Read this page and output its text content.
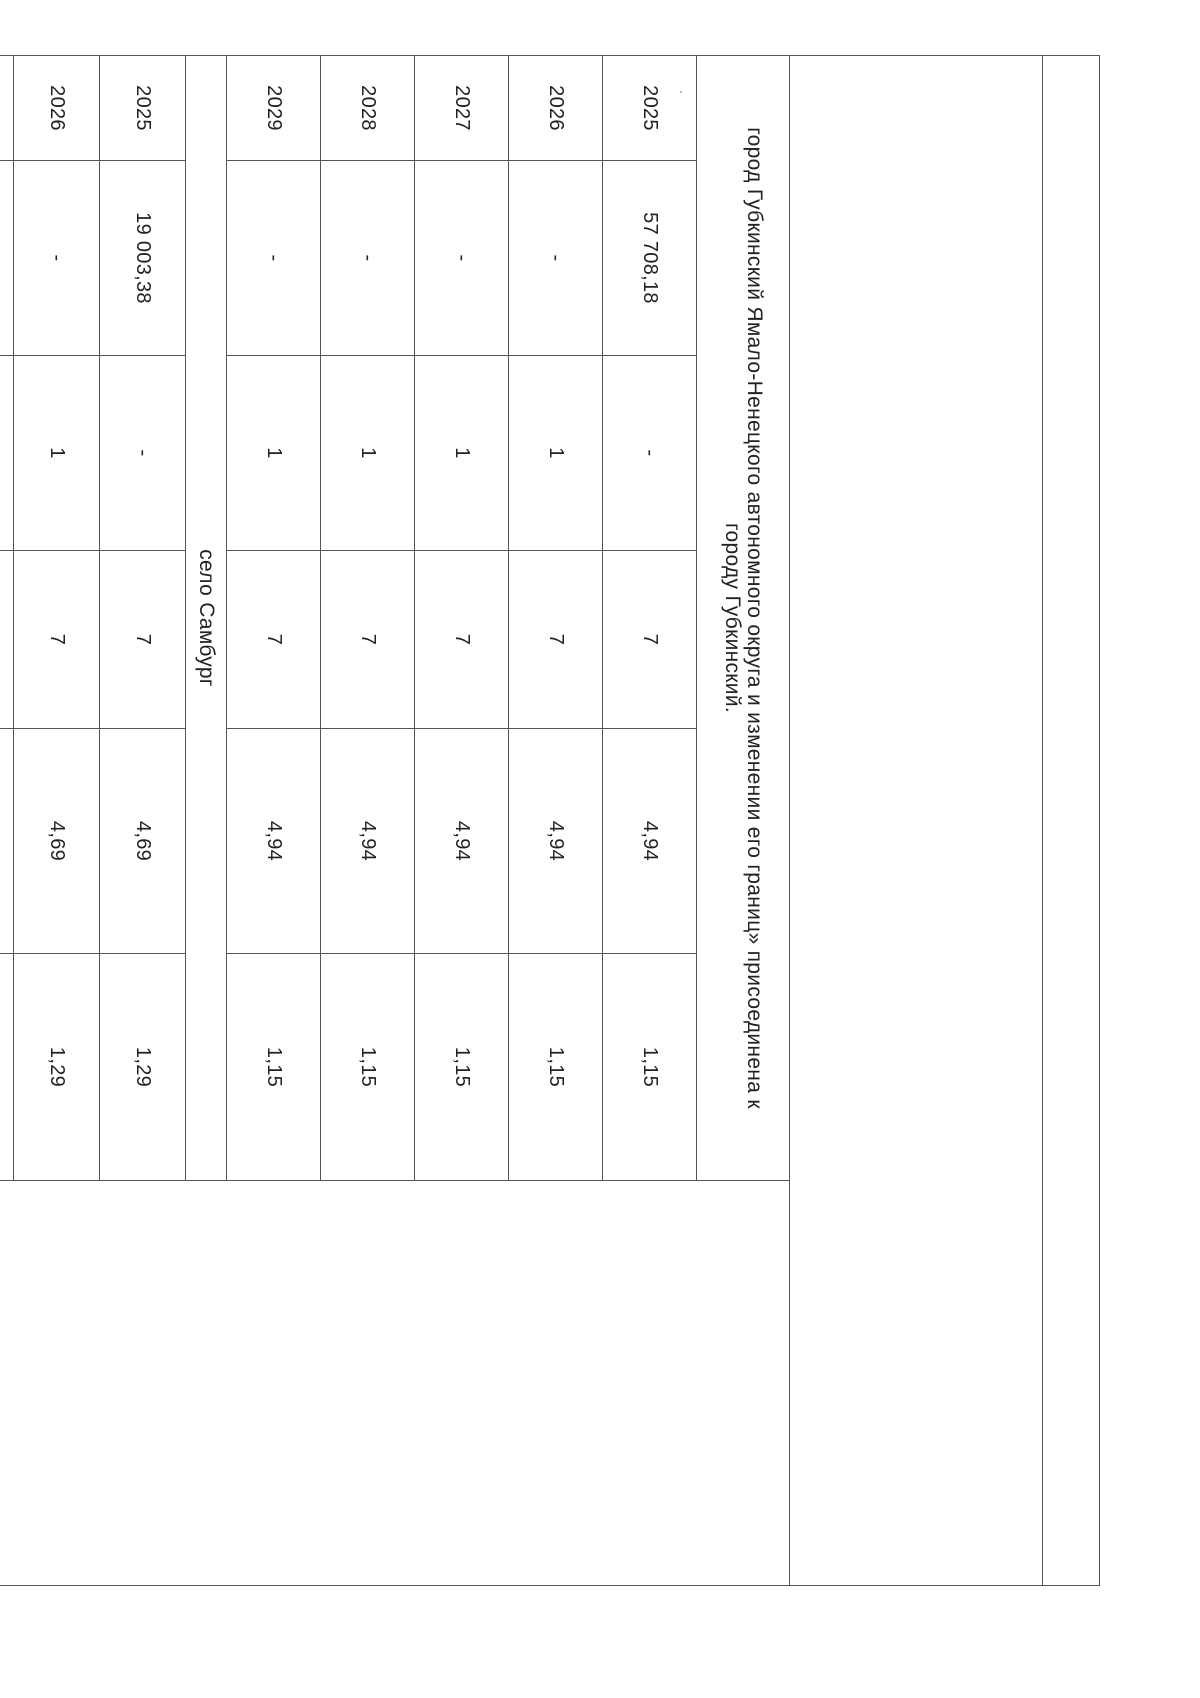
город Губкинский Ямало-Ненецкого автономного округа и изменении его границ» присоединена к городу Губкинский.						
2025	57 708,18	-	7	4,94	1,15	
2026	-	1	7	4,94	1,15	
2027	-	1	7	4,94	1,15	
2028	-	1	7	4,94	1,15	
2029	-	1	7	4,94	1,15	
село Самбург						
2025	19 003,38	-	7	4,69	1,29	
2026	-	1	7	4,69	1,29	
